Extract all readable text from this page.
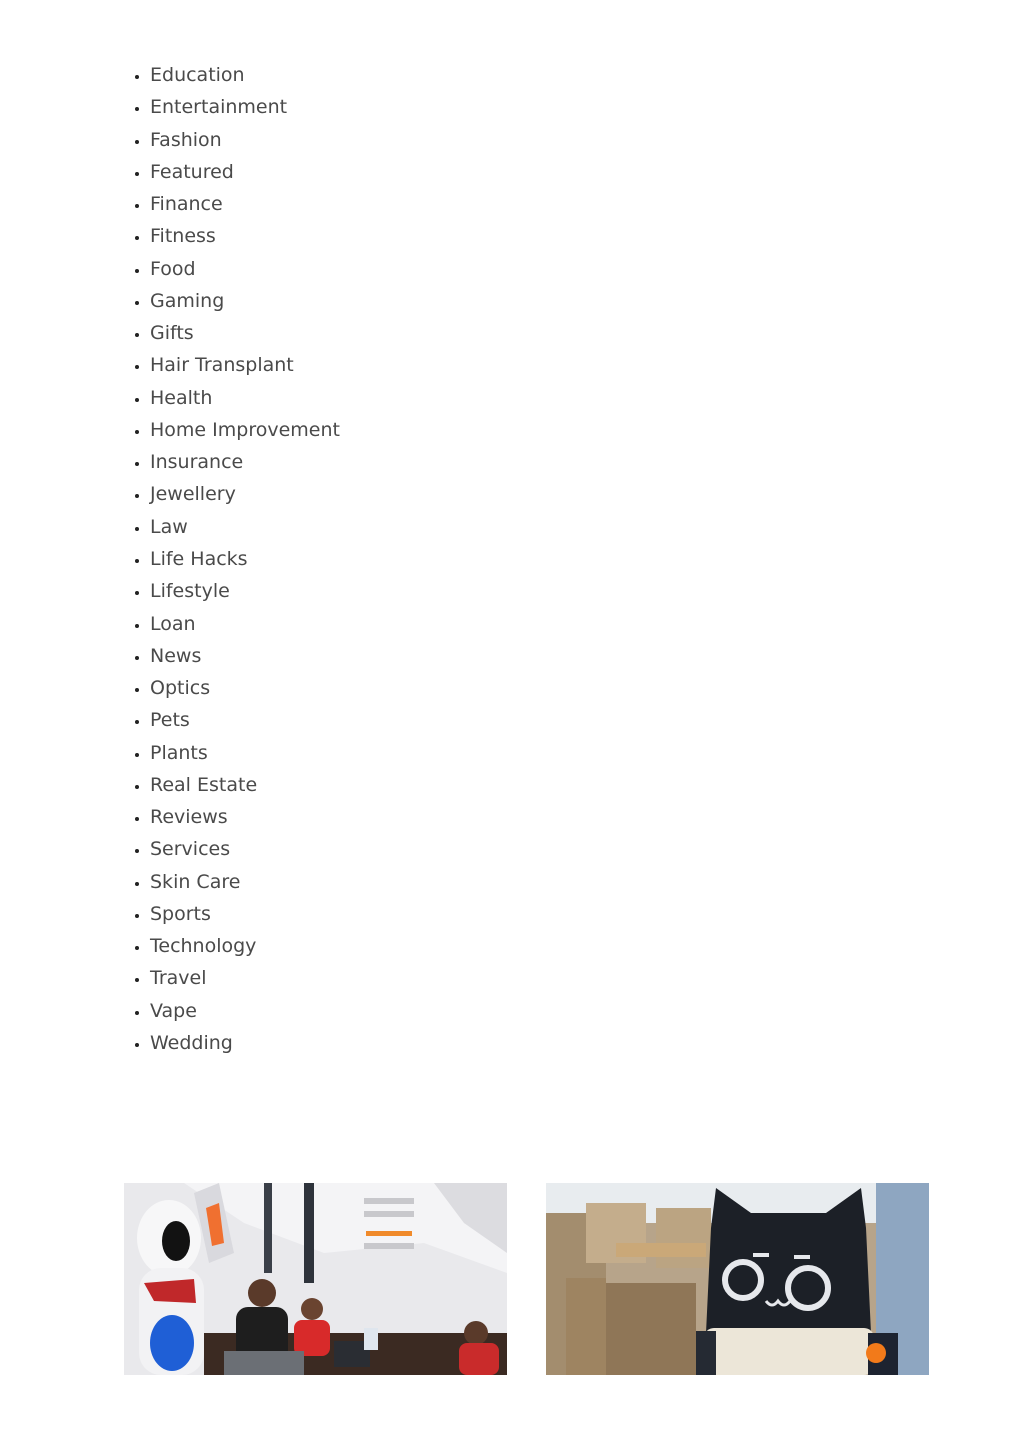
• Education
• Entertainment
• Fashion
• Featured
• Finance
• Fitness
• Food
• Gaming
• Gifts
• Hair Transplant
• Health
• Home Improvement
• Insurance
• Jewellery
• Law
• Life Hacks
• Lifestyle
• Loan
• News
• Optics
• Pets
• Plants
• Real Estate
• Reviews
• Services
• Skin Care
• Sports
• Technology
• Travel
• Vape
• Wedding
